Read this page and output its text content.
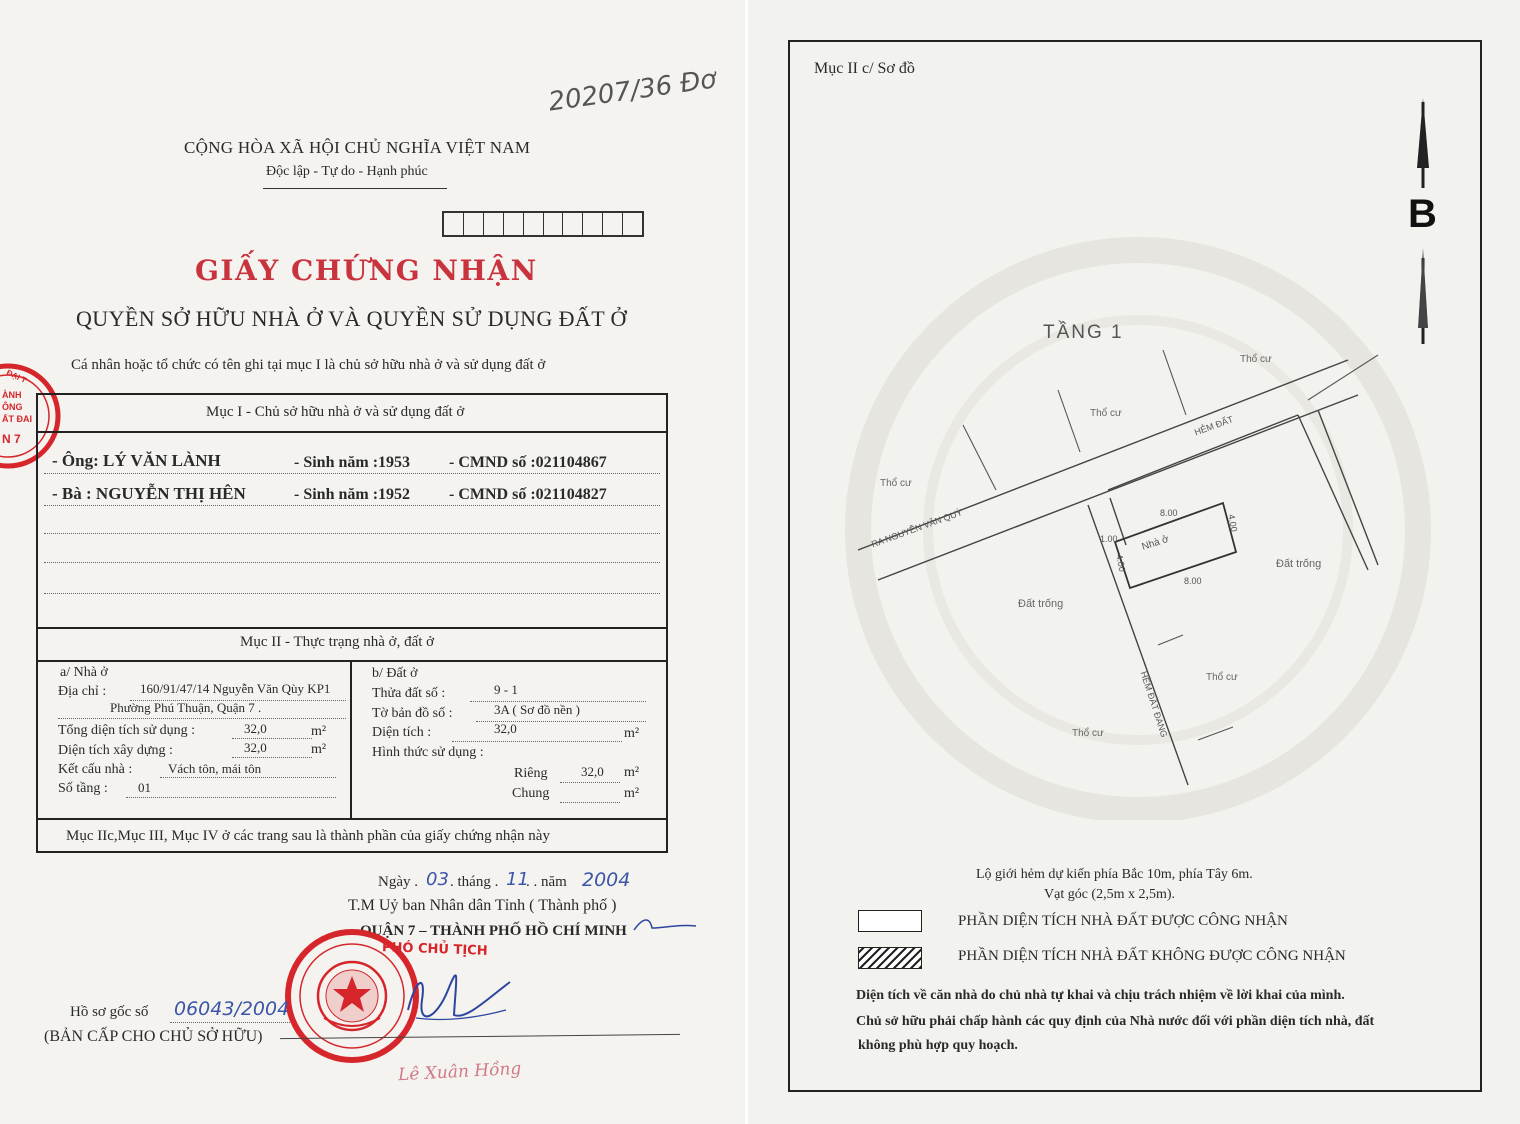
20207/36 Đơ
CỘNG HÒA XÃ HỘI CHỦ NGHĨA VIỆT NAM
Độc lập - Tự do - Hạnh phúc
GIẤY CHỨNG NHẬN
QUYỀN SỞ HỮU NHÀ Ở VÀ QUYỀN SỬ DỤNG ĐẤT Ở
Cá nhân hoặc tổ chức có tên ghi tại mục I là chủ sở hữu nhà ở và sử dụng đất ở
ĐẠI T
ÀNH
ÔNG
ẤT ĐAI
N 7
Mục I - Chủ sở hữu nhà ở và sử dụng đất ở
- Ông: LÝ VĂN LÀNH	- Sinh năm :1953 - CMND số :021104867
- Bà : NGUYỄN THỊ HÊN	- Sinh năm :1952 - CMND số :021104827
Mục II - Thực trạng nhà ở, đất ở
a/ Nhà ở
Địa chỉ :	160/91/47/14 Nguyễn Văn Qùy KP1
Phường Phú Thuận, Quận 7 .
Tổng diện tích sử dụng :	32,0	m²
Diện tích xây dựng :	32,0	m²
Kết cấu nhà :	Vách tôn, mái tôn
Số tầng : 01
b/ Đất ở
Thửa đất số :	9 - 1
Tờ bản đồ số :	3A ( Sơ đồ nền )
Diện tích :	32,0	m²
Hình thức sử dụng :
Riêng	32,0 m²
Chung	m²
Mục IIc,Mục III, Mục IV ở các trang sau là thành phần của giấy chứng nhận này
Ngày . 03 . tháng . 11
. . năm 2004
T.M Uỷ ban Nhân dân Tỉnh ( Thành phố )
QUẬN 7 – THÀNH PHỐ HỒ CHÍ MINH
PHÓ CHỦ TỊCH
Lê Xuân Hồng
Hồ sơ gốc số 06043/2004
(BẢN CẤP CHO CHỦ SỞ HỮU)
Mục II c/ Sơ đồ
B
TẦNG 1
Nhà ở
RA NGUYỄN VĂN QUỲ
HẺM ĐẤT
HẺM ĐẤT ĐANG
Thổ cư
Thổ cư
Thổ cư
Thổ cư
Thổ cư
Đất trống
Đất trống
8.00
8.00
4.00
4.00
1.00
Lộ giới hẻm dự kiến phía Bắc 10m, phía Tây 6m.
Vạt góc (2,5m x 2,5m).
PHẦN DIỆN TÍCH NHÀ ĐẤT ĐƯỢC CÔNG NHẬN
PHẦN DIỆN TÍCH NHÀ ĐẤT KHÔNG ĐƯỢC CÔNG NHẬN
Diện tích về căn nhà do chủ nhà tự khai và chịu trách nhiệm về lời khai của mình.
Chủ sở hữu phải chấp hành các quy định của Nhà nước đối với phần diện tích nhà, đất
không phù hợp quy hoạch.
